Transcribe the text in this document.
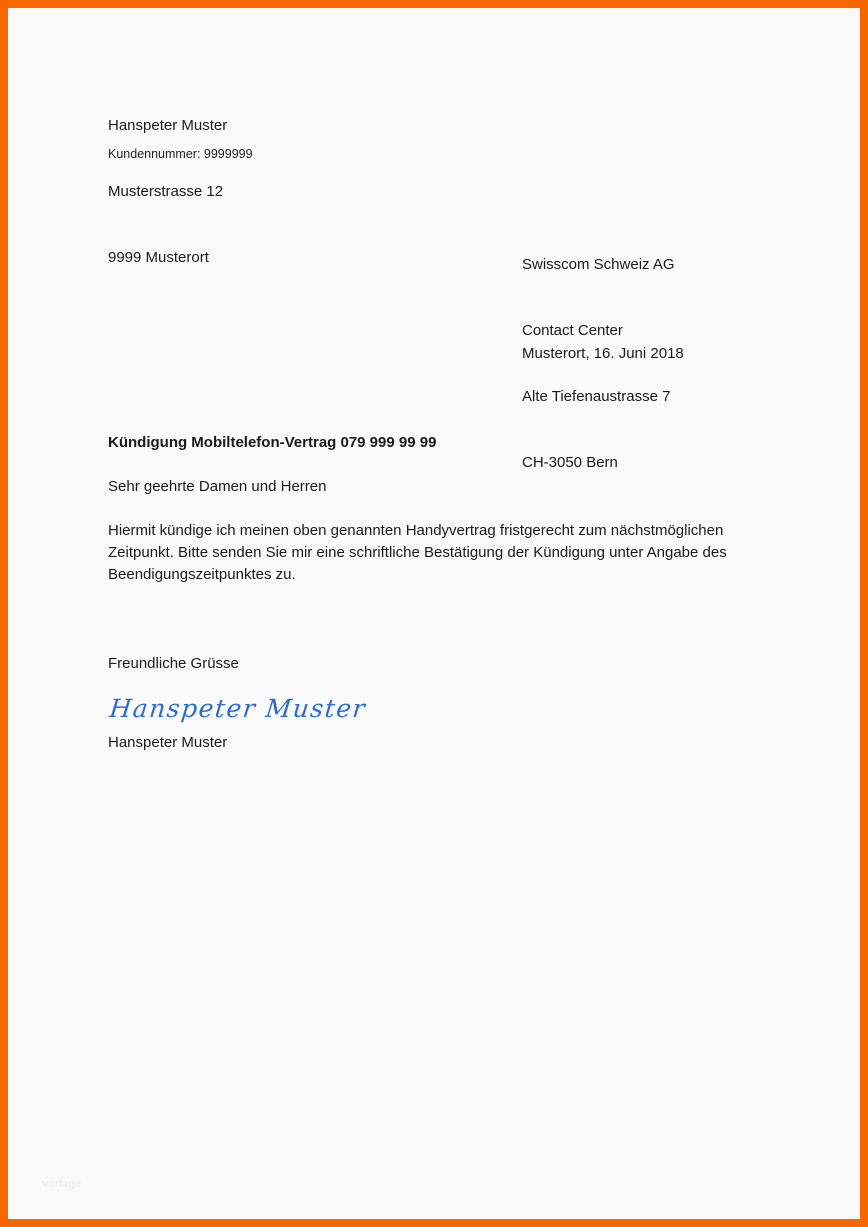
Hanspeter Muster

Musterstrasse 12

9999 Musterort

Kundennummer: 9999999

Swisscom Schweiz AG

Contact Center

Alte Tiefenaustrasse 7

CH-3050 Bern

Musterort, 16. Juni 2018
Kündigung Mobiltelefon-Vertrag 079 999 99 99
Sehr geehrte Damen und Herren
Hiermit kündige ich meinen oben genannten Handyvertrag fristgerecht zum nächstmöglichen Zeitpunkt. Bitte senden Sie mir eine schriftliche Bestätigung der Kündigung unter Angabe des Beendigungszeitpunktes zu.
Freundliche Grüsse
Hanspeter Muster
Hanspeter Muster
vorlage
